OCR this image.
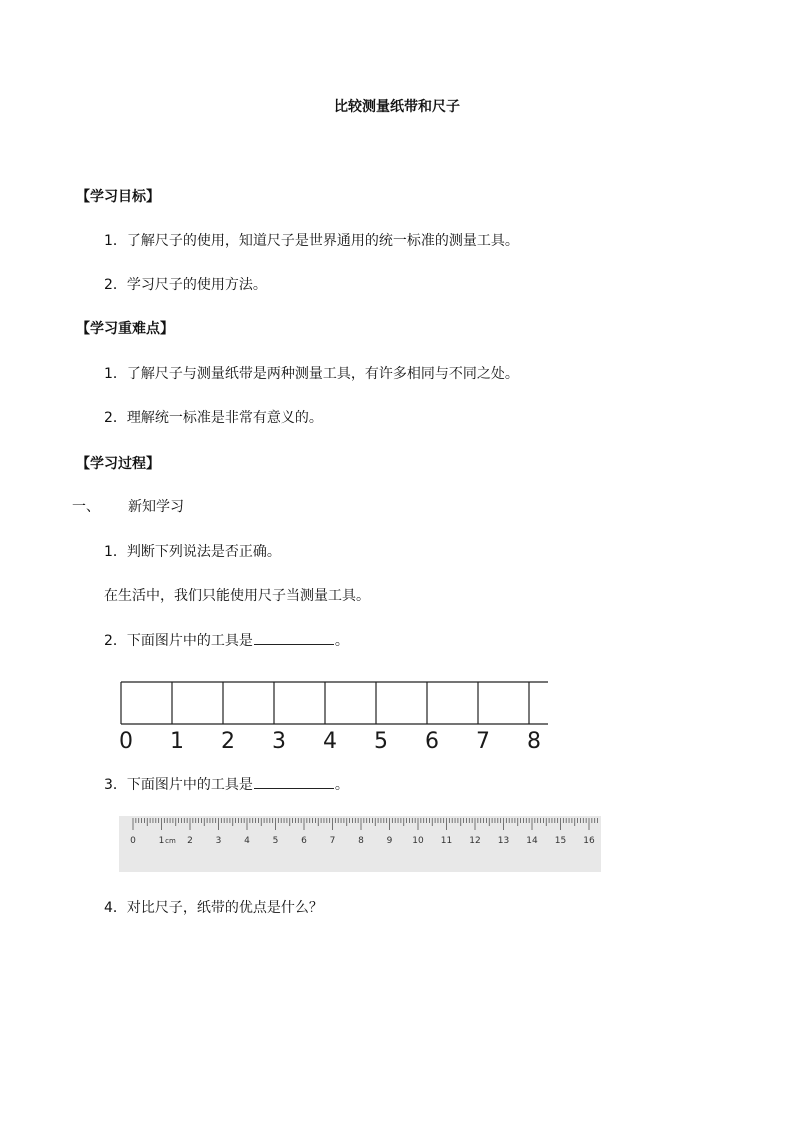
比较测量纸带和尺子
【学习目标】
1．了解尺子的使用，知道尺子是世界通用的统一标准的测量工具。
2．学习尺子的使用方法。
【学习重难点】
1．了解尺子与测量纸带是两种测量工具，有许多相同与不同之处。
2．理解统一标准是非常有意义的。
【学习过程】
一、 新知学习
1．判断下列说法是否正确。
在生活中，我们只能使用尺子当测量工具。
2．下面图片中的工具是	。
0 1 2 3 4 5 6 7 8
3．下面图片中的工具是	。
0	1 cm 2	3	4	5	6	7	8	9 10 11 12 13 14 15 16
4．对比尺子，纸带的优点是什么？
